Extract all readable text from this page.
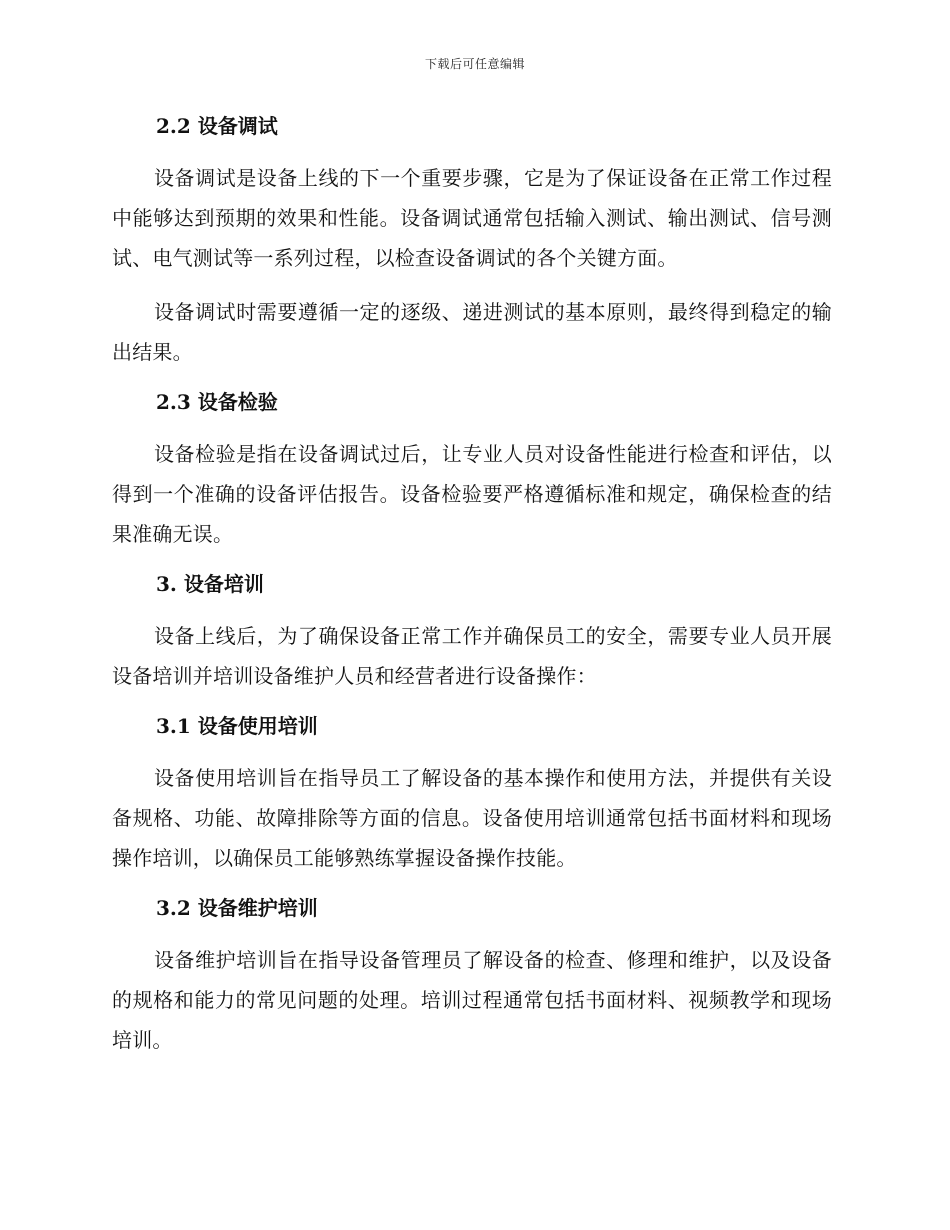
下载后可任意编辑
2.2 设备调试

设备调试是设备上线的下一个重要步骤，它是为了保证设备在正常工作过程中能够达到预期的效果和性能。设备调试通常包括输入测试、输出测试、信号测试、电气测试等一系列过程，以检查设备调试的各个关键方面。

设备调试时需要遵循一定的逐级、递进测试的基本原则，最终得到稳定的输出结果。

2.3 设备检验

设备检验是指在设备调试过后，让专业人员对设备性能进行检查和评估，以得到一个准确的设备评估报告。设备检验要严格遵循标准和规定，确保检查的结果准确无误。

3. 设备培训

设备上线后，为了确保设备正常工作并确保员工的安全，需要专业人员开展设备培训并培训设备维护人员和经营者进行设备操作：

3.1 设备使用培训

设备使用培训旨在指导员工了解设备的基本操作和使用方法，并提供有关设备规格、功能、故障排除等方面的信息。设备使用培训通常包括书面材料和现场操作培训，以确保员工能够熟练掌握设备操作技能。

3.2 设备维护培训

设备维护培训旨在指导设备管理员了解设备的检查、修理和维护，以及设备的规格和能力的常见问题的处理。培训过程通常包括书面材料、视频教学和现场培训。
